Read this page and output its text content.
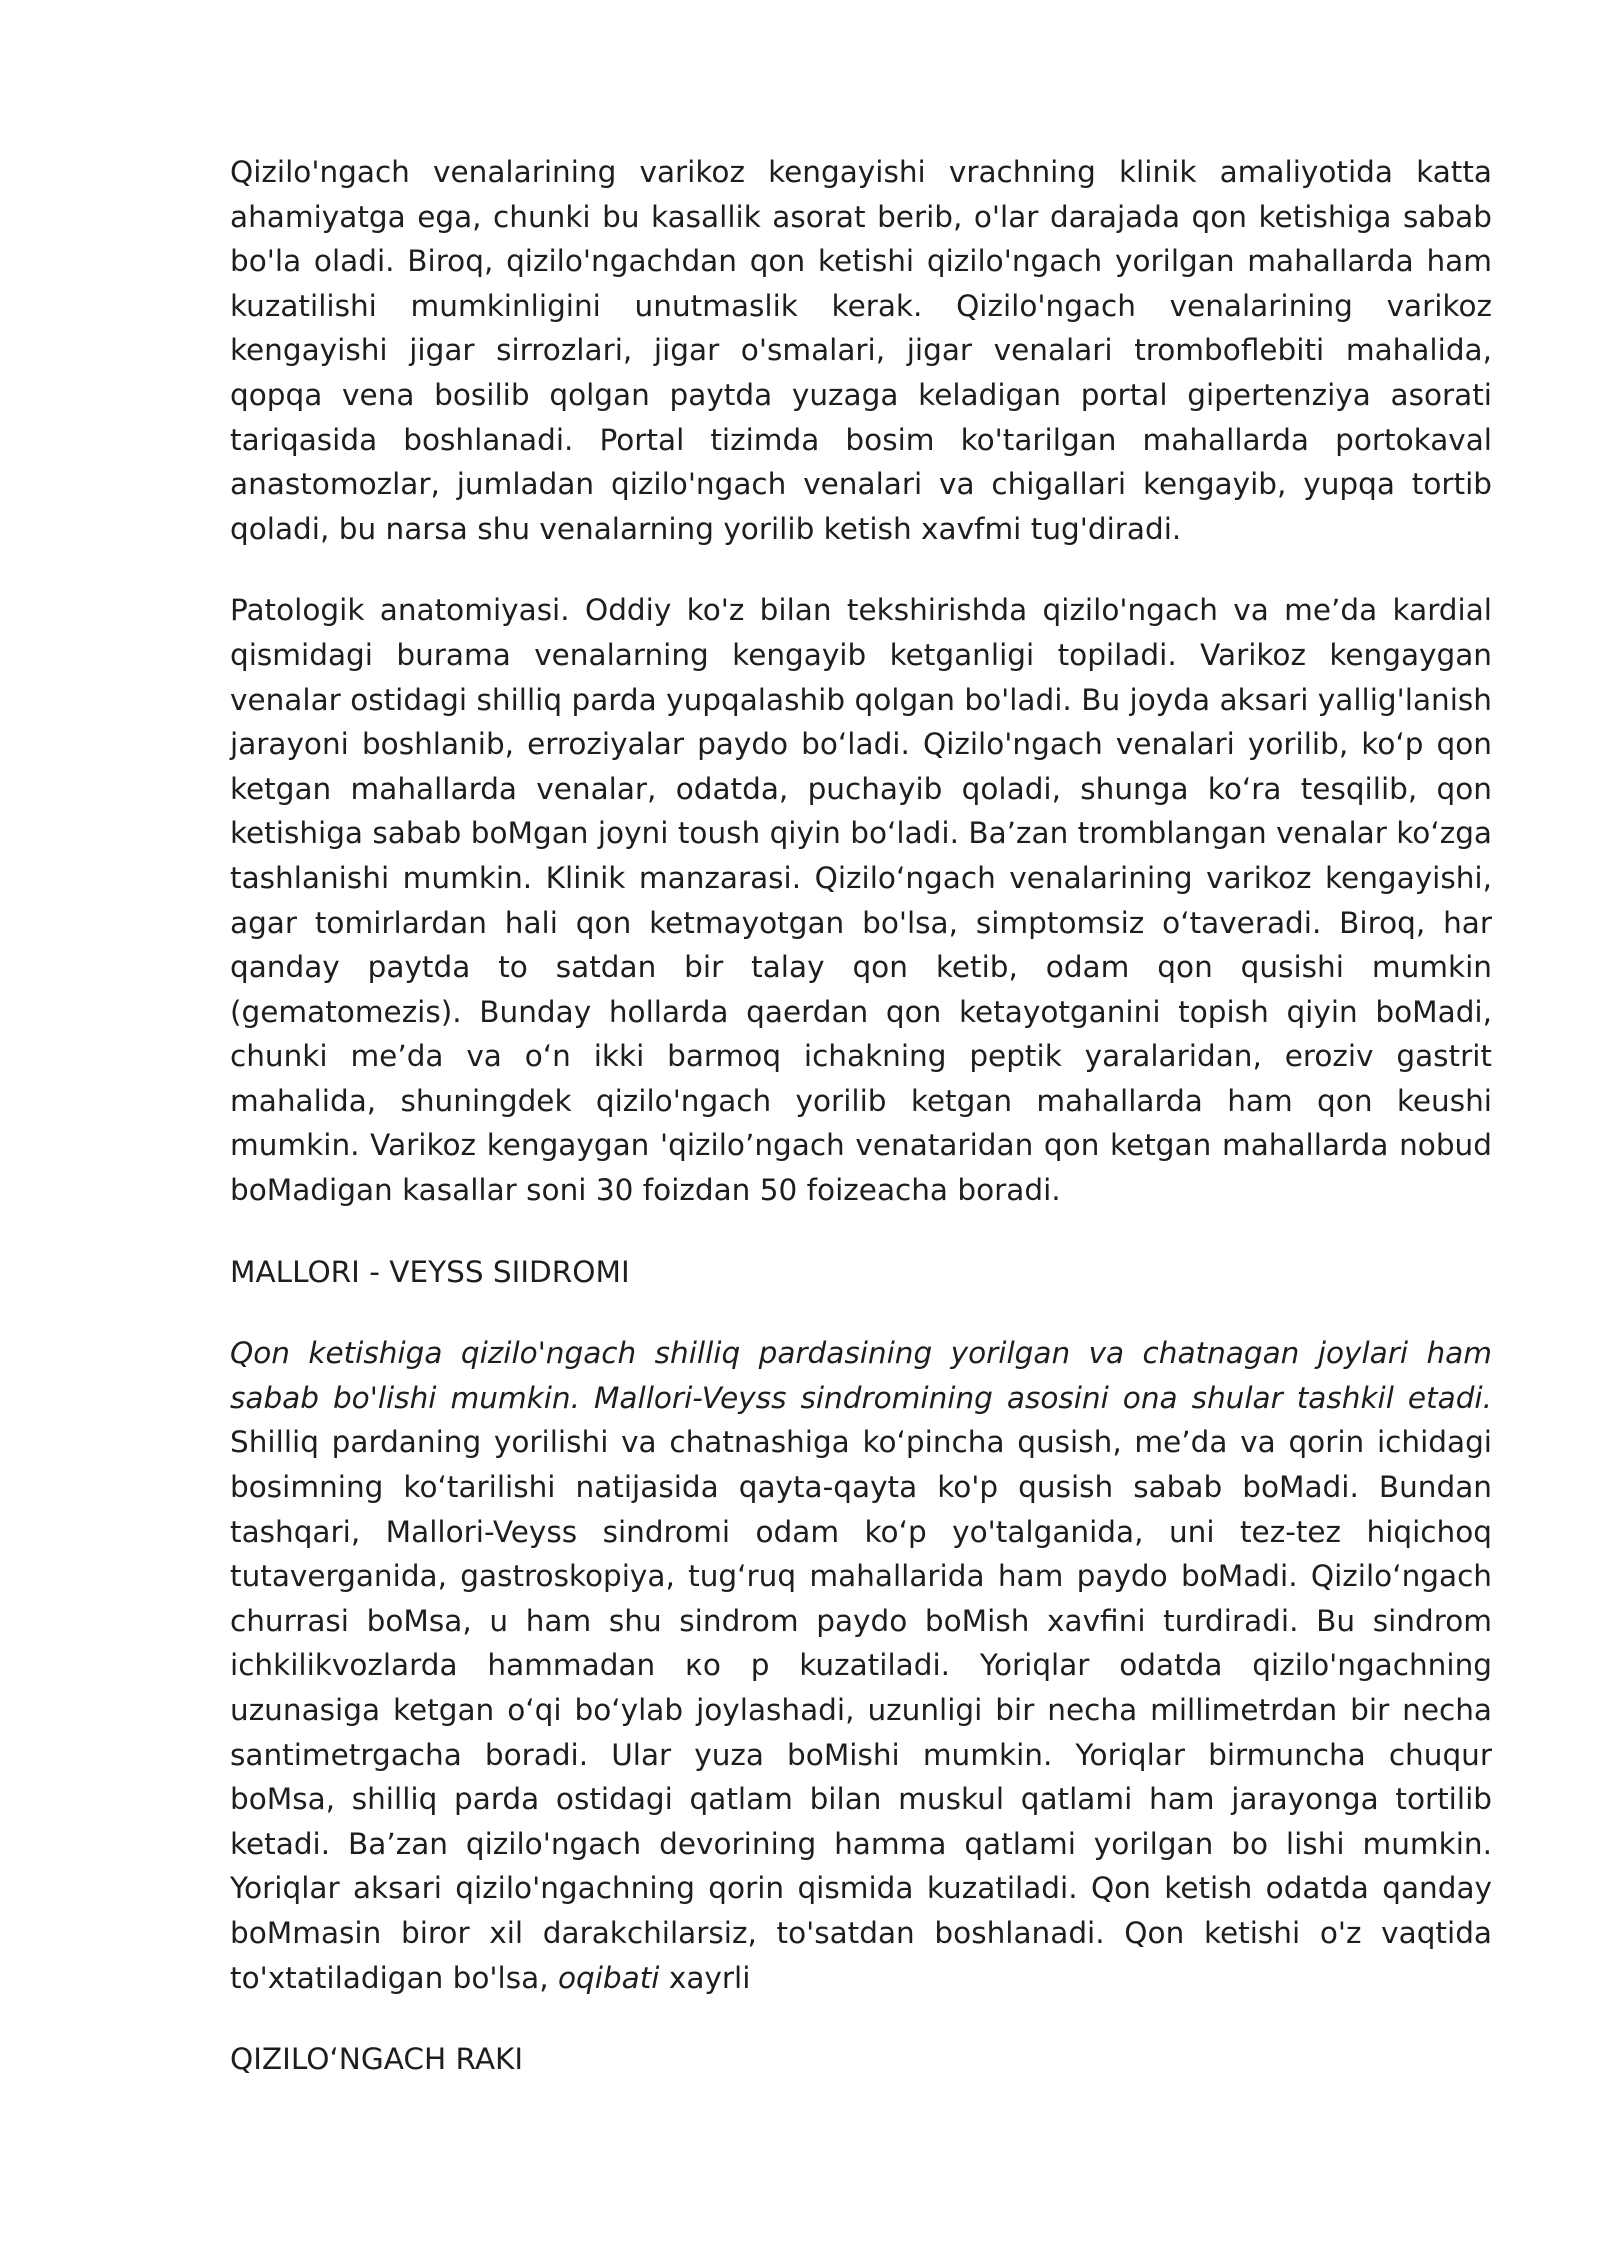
Qizilo'ngach venalarining varikoz kengayishi vrachning klinik amaliyotida katta ahamiyatga ega, chunki bu kasallik asorat berib, o'lar darajada qon ketishiga sabab bo'la oladi. Biroq, qizilo'ngachdan qon ketishi qizilo'ngach yorilgan mahallarda ham kuzatilishi mumkinligini unutmaslik kerak. Qizilo'ngach venalarining varikoz kengayishi jigar sirrozlari, jigar o'smalari, jigar venalari tromboflebiti mahalida, qopqa vena bosilib qolgan paytda yuzaga keladigan portal gipertenziya asorati tariqasida boshlanadi. Portal tizimda bosim ko'tarilgan mahallarda portokaval anastomozlar, jumladan qizilo'ngach venalari va chigallari kengayib, yupqa tortib qoladi, bu narsa shu venalarning yorilib ketish xavfmi tug'diradi.

Patologik anatomiyasi. Oddiy ko'z bilan tekshirishda qizilo'ngach va me’da kardial qismidagi burama venalarning kengayib ketganligi topiladi. Varikoz kengaygan venalar ostidagi shilliq parda yupqalashib qolgan bo'ladi. Bu joyda aksari yallig'lanish jarayoni boshlanib, erroziyalar paydo boʻladi. Qizilo'ngach venalari yorilib, koʻp qon ketgan mahallarda venalar, odatda, puchayib qoladi, shunga koʻra tesqilib, qon ketishiga sabab boMgan joyni toush qiyin boʻladi. Ba’zan tromblangan venalar koʻzga tashlanishi mumkin. Klinik manzarasi. Qiziloʻngach venalarining varikoz kengayishi, agar tomirlardan hali qon ketmayotgan bo'lsa, simptomsiz oʻtaveradi. Biroq, har qanday paytda to satdan bir talay qon ketib, odam qon qusishi mumkin (gematomezis). Bunday hollarda qaerdan qon ketayotganini topish qiyin boMadi, chunki me’da va oʻn ikki barmoq ichakning peptik yaralaridan, eroziv gastrit mahalida, shuningdek qizilo'ngach yorilib ketgan mahallarda ham qon keushi mumkin. Varikoz kengaygan 'qizilo’ngach venataridan qon ketgan mahallarda nobud boMadigan kasallar soni 30 foizdan 50 foizeacha boradi.

MALLORI - VEYSS SIIDROMI

Qon ketishiga qizilo'ngach shilliq pardasining yorilgan va chatnagan joylari ham sabab bo'lishi mumkin. Mallori-Veyss sindromining asosini ona shular tashkil etadi. Shilliq pardaning yorilishi va chatnashiga koʻpincha qusish, me’da va qorin ichidagi bosimning koʻtarilishi natijasida qayta-qayta ko'p qusish sabab boMadi. Bundan tashqari, Mallori-Veyss sindromi odam koʻp yo'talganida, uni tez-tez hiqichoq tutaverganida, gastroskopiya, tugʻruq mahallarida ham paydo boMadi. Qiziloʻngach churrasi boMsa, u ham shu sindrom paydo boMish xavfini turdiradi. Bu sindrom ichkilikvozlarda hammadan ко p kuzatiladi. Yoriqlar odatda qizilo'ngachning uzunasiga ketgan oʻqi boʻylab joylashadi, uzunligi bir necha millimetrdan bir necha santimetrgacha boradi. Ular yuza boMishi mumkin. Yoriqlar birmuncha chuqur boMsa, shilliq parda ostidagi qatlam bilan muskul qatlami ham jarayonga tortilib ketadi. Ba’zan qizilo'ngach devorining hamma qatlami yorilgan bo lishi mumkin. Yoriqlar aksari qizilo'ngachning qorin qismida kuzatiladi. Qon ketish odatda qanday boMmasin biror xil darakchilarsiz, to'satdan boshlanadi. Qon ketishi o'z vaqtida to'xtatiladigan bo'lsa, oqibati xayrli

QIZILOʻNGACH RAKI
